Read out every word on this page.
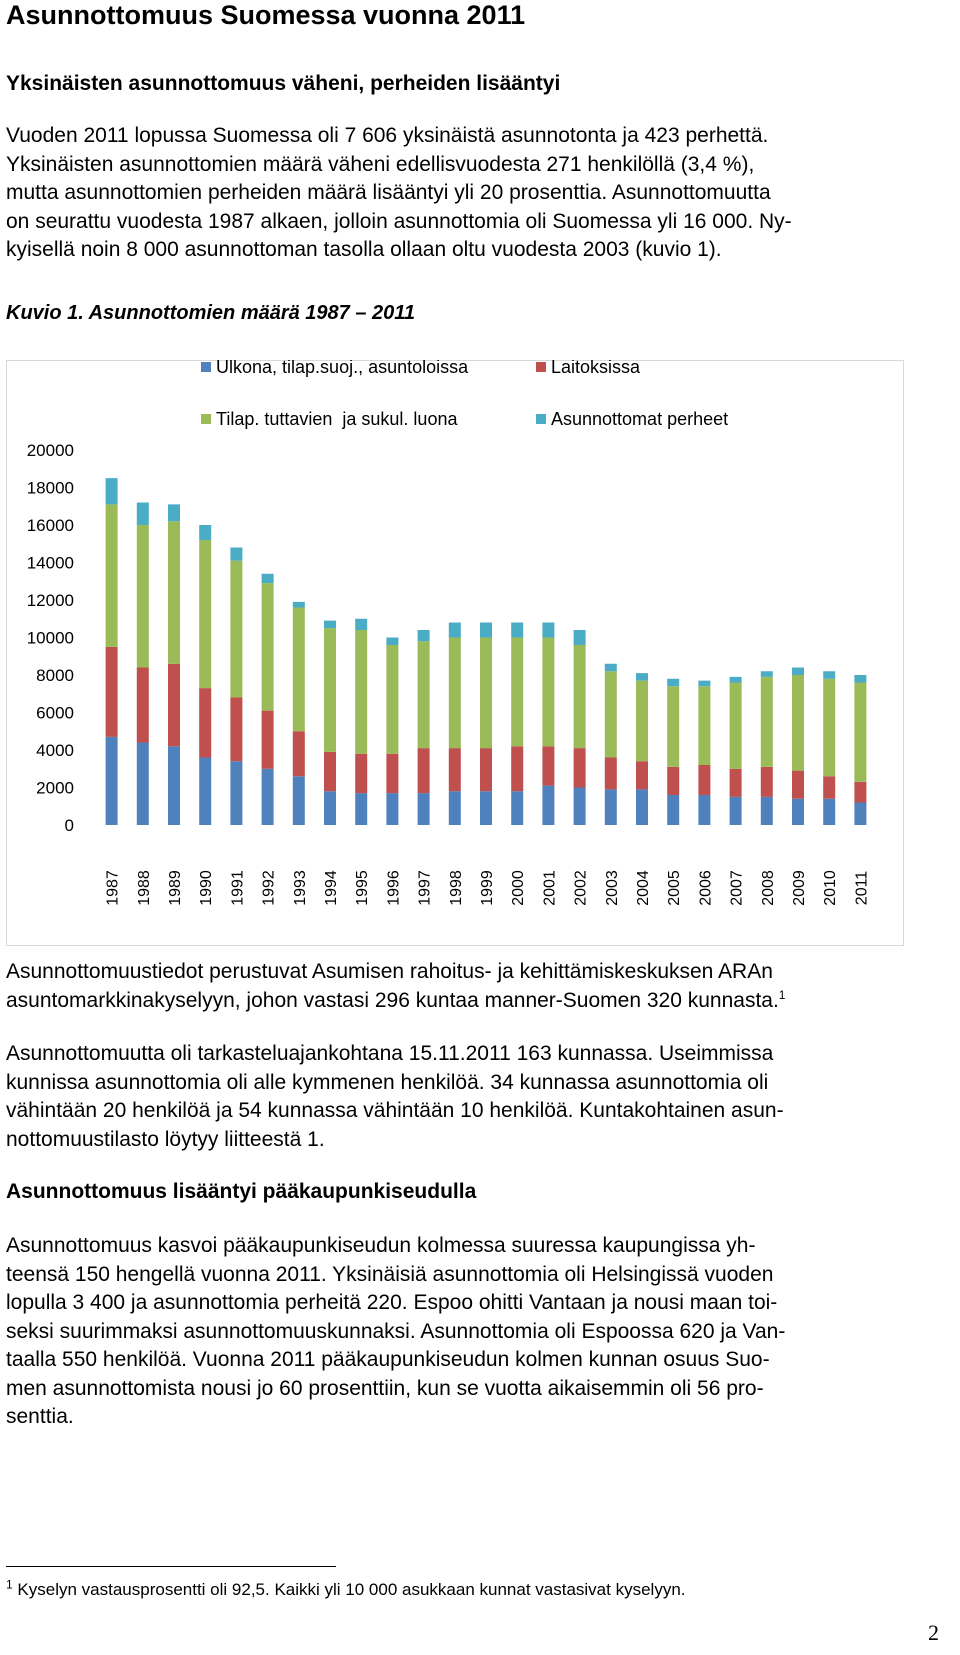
Asunnottomuus Suomessa vuonna 2011
Yksinäisten asunnottomuus väheni, perheiden lisääntyi
Vuoden 2011 lopussa Suomessa oli 7 606 yksinäistä asunnotonta ja 423 perhettä.
Yksinäisten asunnottomien määrä väheni edellisvuodesta 271 henkilöllä (3,4 %),
mutta asunnottomien perheiden määrä lisääntyi yli 20 prosenttia. Asunnottomuutta
on seurattu vuodesta 1987 alkaen, jolloin asunnottomia oli Suomessa yli 16 000. Ny-
kyisellä noin 8 000 asunnottoman tasolla ollaan oltu vuodesta 2003 (kuvio 1).
Kuvio 1. Asunnottomien määrä 1987 – 2011
0
2000
4000
6000
8000
10000
12000
14000
16000
18000
20000
1987 1988 1989 1990 1991 1992 1993 1994 1995 1996 1997 1998 1999 2000 2001 2002 2003 2004 2005 2006 2007 2008 2009 2010 2011
Ulkona, tilap.suoj., asuntoloissa	Laitoksissa
Tilap. tuttavien  ja sukul. luona	Asunnottomat perheet
Asunnottomuustiedot perustuvat Asumisen rahoitus- ja kehittämiskeskuksen ARAn
asuntomarkkinakyselyyn, johon vastasi 296 kuntaa manner-Suomen 320 kunnasta.$^1$
Asunnottomuutta oli tarkasteluajankohtana 15.11.2011 163 kunnassa. Useimmissa
kunnissa asunnottomia oli alle kymmenen henkilöä. 34 kunnassa asunnottomia oli
vähintään 20 henkilöä ja 54 kunnassa vähintään 10 henkilöä. Kuntakohtainen asun-
nottomuustilasto löytyy liitteestä 1.
Asunnottomuus lisääntyi pääkaupunkiseudulla
Asunnottomuus kasvoi pääkaupunkiseudun kolmessa suuressa kaupungissa yh-
teensä 150 hengellä vuonna 2011. Yksinäisiä asunnottomia oli Helsingissä vuoden
lopulla 3 400 ja asunnottomia perheitä 220. Espoo ohitti Vantaan ja nousi maan toi-
seksi suurimmaksi asunnottomuuskunnaksi. Asunnottomia oli Espoossa 620 ja Van-
taalla 550 henkilöä. Vuonna 2011 pääkaupunkiseudun kolmen kunnan osuus Suo-
men asunnottomista nousi jo 60 prosenttiin, kun se vuotta aikaisemmin oli 56 pro-
senttia.
$^1$ Kyselyn vastausprosentti oli 92,5. Kaikki yli 10 000 asukkaan kunnat vastasivat kyselyyn.
2
